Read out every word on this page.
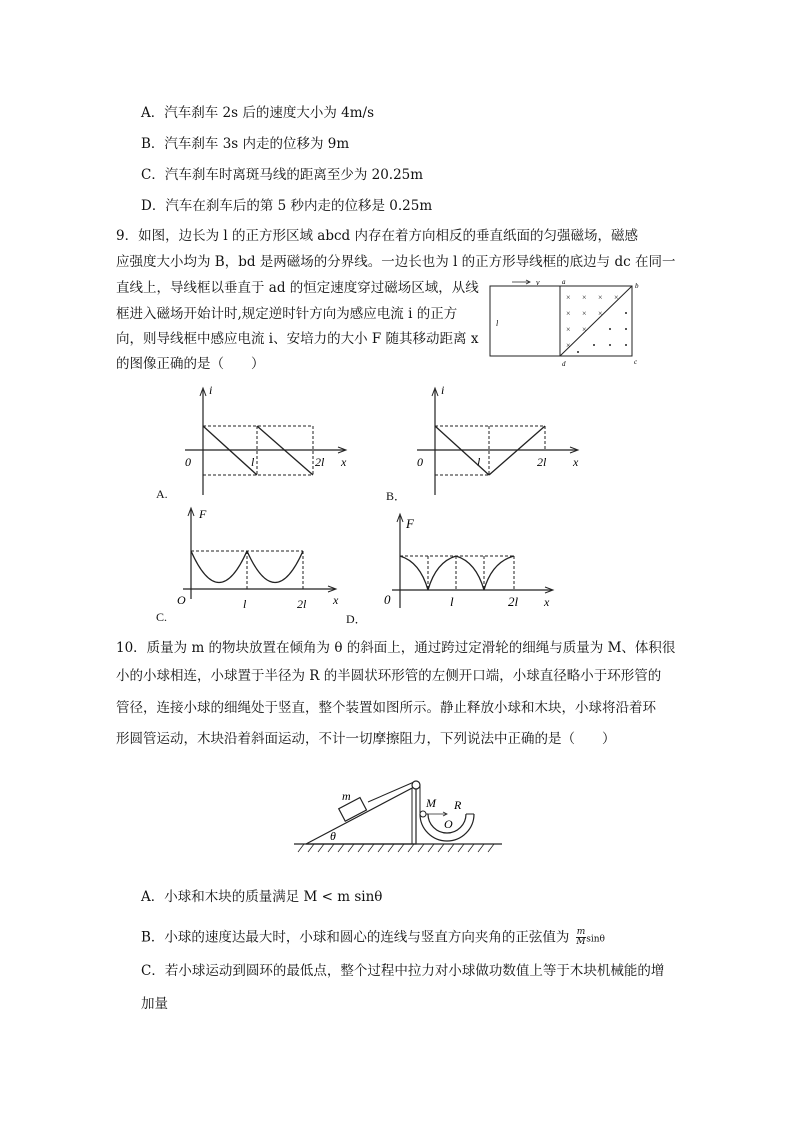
A．汽车刹车 2s 后的速度大小为 4m/s
B．汽车刹车 3s 内走的位移为 9m
C．汽车刹车时离斑马线的距离至少为 20.25m
D．汽车在刹车后的第 5 秒内走的位移是 0.25m
9．如图，边长为 l 的正方形区域 abcd 内存在着方向相反的垂直纸面的匀强磁场，磁感
应强度大小均为 B，bd 是两磁场的分界线。一边长也为 l 的正方形导线框的底边与 dc 在同一
直线上，导线框以垂直于 ad 的恒定速度穿过磁场区域，从线
框进入磁场开始计时,规定逆时针方向为感应电流 i 的正方
向，则导线框中感应电流 i、安培力的大小 F 随其移动距离 x
的图像正确的是（　　）
v
l
a	b
c
d
× × × ×
× × ×
× ×
×
i
x
0	l	2l
A.
i
x
0	l	2l
B．
F
x
O	l	2l
C.
F
x
0	l	2l
D．
10．质量为 m 的物块放置在倾角为 θ 的斜面上，通过跨过定滑轮的细绳与质量为 M、体积很
小的小球相连，小球置于半径为 R 的半圆状环形管的左侧开口端，小球直径略小于环形管的
管径，连接小球的细绳处于竖直，整个装置如图所示。静止释放小球和木块，小球将沿着环
形圆管运动，木块沿着斜面运动，不计一切摩擦阻力，下列说法中正确的是（　　）
m
θ
M R
O
A．小球和木块的质量满足 M < m sinθ
B．小球的速度达最大时，小球和圆心的连线与竖直方向夹角的正弦值为 $\frac{m}{M}$ sinθ
C．若小球运动到圆环的最低点，整个过程中拉力对小球做功数值上等于木块机械能的增
加量
